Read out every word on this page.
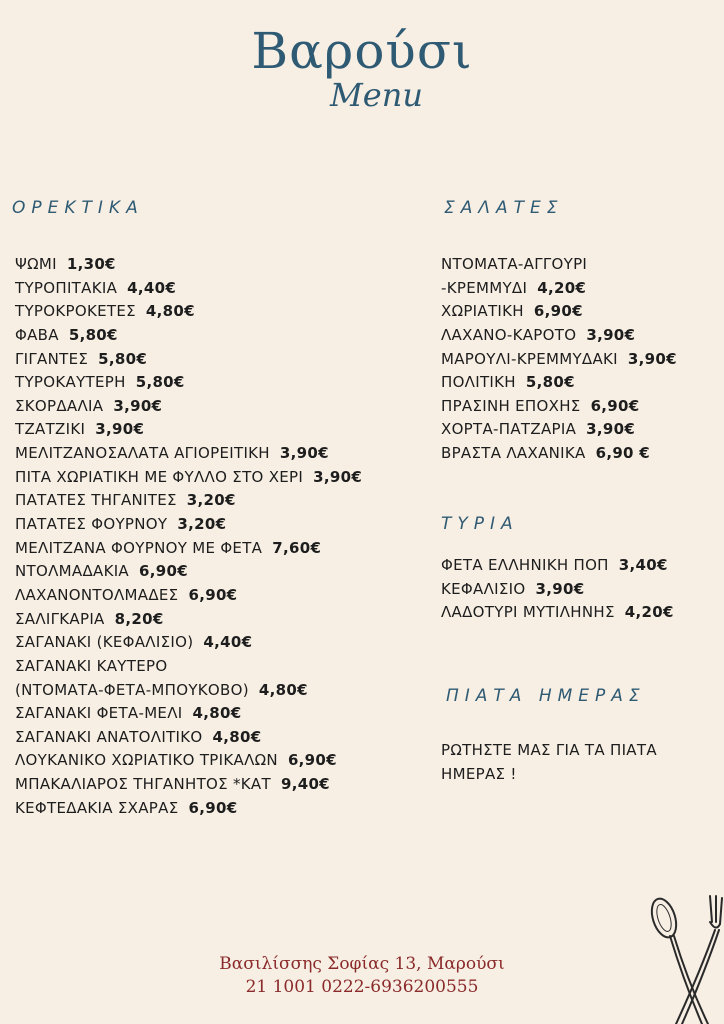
Βαρούσι
Menu
ΟΡΕΚΤΙΚΑ
ΨΩΜΙ 1,30€
ΤΥΡΟΠΙΤΑΚΙΑ 4,40€
ΤΥΡΟΚΡΟΚΕΤΕΣ 4,80€
ΦΑΒΑ 5,80€
ΓΙΓΑΝΤΕΣ 5,80€
ΤΥΡΟΚΑΥΤΕΡΗ 5,80€
ΣΚΟΡΔΑΛΙΑ 3,90€
ΤΖΑΤΖΙΚΙ 3,90€
ΜΕΛΙΤΖΑΝΟΣΑΛΑΤΑ ΑΓΙΟΡΕΙΤΙΚΗ 3,90€
ΠΙΤΑ ΧΩΡΙΑΤΙΚΗ ΜΕ ΦΥΛΛΟ ΣΤΟ ΧΕΡΙ 3,90€
ΠΑΤΑΤΕΣ ΤΗΓΑΝΙΤΕΣ 3,20€
ΠΑΤΑΤΕΣ ΦΟΥΡΝΟΥ 3,20€
ΜΕΛΙΤΖΑΝΑ ΦΟΥΡΝΟΥ ΜΕ ΦΕΤΑ 7,60€
ΝΤΟΛΜΑΔΑΚΙΑ 6,90€
ΛΑΧΑΝΟΝΤΟΛΜΑΔΕΣ 6,90€
ΣΑΛΙΓΚΑΡΙΑ 8,20€
ΣΑΓΑΝΑΚΙ (ΚΕΦΑΛΙΣΙΟ) 4,40€
ΣΑΓΑΝΑΚΙ ΚΑΥΤΕΡΟ
(ΝΤΟΜΑΤΑ-ΦΕΤΑ-ΜΠΟΥΚΟΒΟ) 4,80€
ΣΑΓΑΝΑΚΙ ΦΕΤΑ-ΜΕΛΙ 4,80€
ΣΑΓΑΝΑΚΙ ΑΝΑΤΟΛΙΤΙΚΟ 4,80€
ΛΟΥΚΑΝΙΚΟ ΧΩΡΙΑΤΙΚΟ ΤΡΙΚΑΛΩΝ 6,90€
ΜΠΑΚΑΛΙΑΡΟΣ ΤΗΓΑΝΗΤΟΣ *ΚΑΤ 9,40€
ΚΕΦΤΕΔΑΚΙΑ ΣΧΑΡΑΣ 6,90€
ΣΑΛΑΤΕΣ
ΝΤΟΜΑΤΑ-ΑΓΓΟΥΡΙ
-ΚΡΕΜΜΥΔΙ 4,20€
ΧΩΡΙΑΤΙΚΗ 6,90€
ΛΑΧΑΝΟ-ΚΑΡΟΤΟ 3,90€
ΜΑΡΟΥΛΙ-ΚΡΕΜΜΥΔΑΚΙ 3,90€
ΠΟΛΙΤΙΚΗ 5,80€
ΠΡΑΣΙΝΗ ΕΠΟΧΗΣ 6,90€
ΧΟΡΤΑ-ΠΑΤΖΑΡΙΑ 3,90€
ΒΡΑΣΤΑ ΛΑΧΑΝΙΚΑ 6,90 €
ΤΥΡΙΑ
ΦΕΤΑ ΕΛΛΗΝΙΚΗ ΠΟΠ 3,40€
ΚΕΦΑΛΙΣΙΟ 3,90€
ΛΑΔΟΤΥΡΙ ΜΥΤΙΛΗΝΗΣ 4,20€
ΠΙΑΤΑ ΗΜΕΡΑΣ
ΡΩΤΗΣΤΕ ΜΑΣ ΓΙΑ ΤΑ ΠΙΑΤΑ
ΗΜΕΡΑΣ !
Βασιλίσσης Σοφίας 13, Μαρούσι
21 1001 0222-6936200555
